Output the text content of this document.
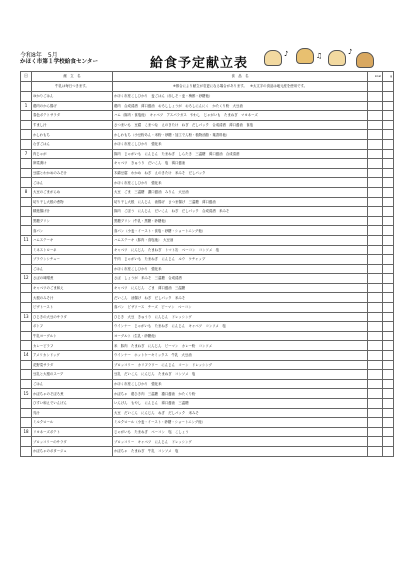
令和8年　5月
かほく市第１学校給食センター	給食予定献立表
♪	♫	♪
日	献　立　名	食　品　名	kcal	g
	牛乳は毎日つきます。	※都合により献立が変更になる場合があります。　※太文字の食品は地元産を使用です。		
	ゆかりごはん	かほく市産こしひかり　麦ごはん（赤しそ・麦・梅酢・砂糖他）		
1	鶏肉のから揚げ	鶏肉　合成清酒　薄口醤油　おろししょうが　おろしにんにく　かたくり粉　大豆油		
	春色ポテトサラダ	ハム（豚肉・食塩他）　キャベツ　アスパラガス　やわし　じゃがいも　たまねぎ　マヨネーズ		
	すまし汁	さつまいも　豆腐　こまつな　えのきたけ　ねぎ　だしパック　合成清酒　薄口醤油　食塩		
	かしわもち	かしわもち（小豆粉あん・米粉・砂糖・加工でん粉・植物油脂・葉香料他）		
	むぎごはん	かほく市産こしひかり　強化米		
7	肉じゃが	豚肉　じゃがいも　にんじん　たまねぎ　しらたき　三温糖　薄口醤油　合成清酒		
	卵菜漬け	キャベツ　きゅうり　だいこん　塩　薄口醤油		
	豆腐とわかめのみそ汁	木綿豆腐　わかめ　ねぎ　えのきたけ　米みそ　だしパック		
	ごはん	かほく市産こしひかり　強化米		
8	大豆のごまがらめ	大豆　ごま　三温糖　濃口醤油　みりん　大豆油		
	切り干し大根の煮物	切り干し大根　にんじん　油揚げ　さつま揚げ　三温糖　薄口醤油		
	精進揚げ汁	豚肉　ごぼう　にんじん　だいこん　ねぎ　だしパック　合成清酒　米みそ		
	黒糖プリン	黒糖プリン（牛乳・黒糖・砂糖他）		
	食パン	食パン（小麦・イースト・食塩・砂糖・ショートニング他）		
11	ハムステーキ	ハムステーキ（豚肉・食塩他）　大豆油		
	ミネストローネ	キャベツ　にんじん　たまねぎ　トマト缶　ベーコン　コンソメ　塩		
	ブラウンシチュー	牛肉　じゃがいも　たまねぎ　にんじん　ルウ　ケチャップ		
	ごはん	かほく市産こしひかり　強化米		
12	さばの味噌煮	さば　しょうが　米みそ　三温糖　合成清酒		
	キャベツのごま和え	キャベツ　にんじん　ごま　薄口醤油　三温糖		
	大根のみそ汁	だいこん　油揚げ　ねぎ　だしパック　米みそ		
	ピザトースト	食パン　ピザソース　チーズ　ピーマン　ベーコン		
13	ひじきの大豆のサラダ	ひじき　大豆　きゅうり　にんじん　ドレッシング		
	ポトフ	ウインナー　じゃがいも　たまねぎ　にんじん　キャベツ　コンソメ　塩		
	牛乳ヨーグルト	ヨーグルト（生乳・砂糖他）		
	カレーピラフ	米　豚肉　たまねぎ　にんじん　ピーマン　カレー粉　コンソメ		
14	アメリカンドッグ	ウインナー　ホットケーキミックス　牛乳　大豆油		
	花野菜サラダ	ブロッコリー　カリフラワー　にんじん　コーン　ドレッシング		
	豆乳と大根のスープ	豆乳　だいこん　にんじん　たまねぎ　コンソメ　塩		
	ごはん	かほく市産こしひかり　強化米		
15	かぼちゃのそぼろ煮	かぼちゃ　鶏ひき肉　三温糖　濃口醤油　かたくり粉		
	ひすい和えでいんげん	いんげん　もやし　にんじん　薄口醤油　三温糖		
	呉汁	大豆　だいこん　にんじん　ねぎ　だしパック　米みそ		
	ミルクロール	ミルクロール（小麦・イースト・砂糖・ショートニング他）		
18	リヨネーズポテト	じゃがいも　たまねぎ　ベーコン　塩　こしょう		
	ブロッコリーのサラダ	ブロッコリー　キャベツ　にんじん　ドレッシング		
	かぼちゃのポタージュ	かぼちゃ　たまねぎ　牛乳　コンソメ　塩		
